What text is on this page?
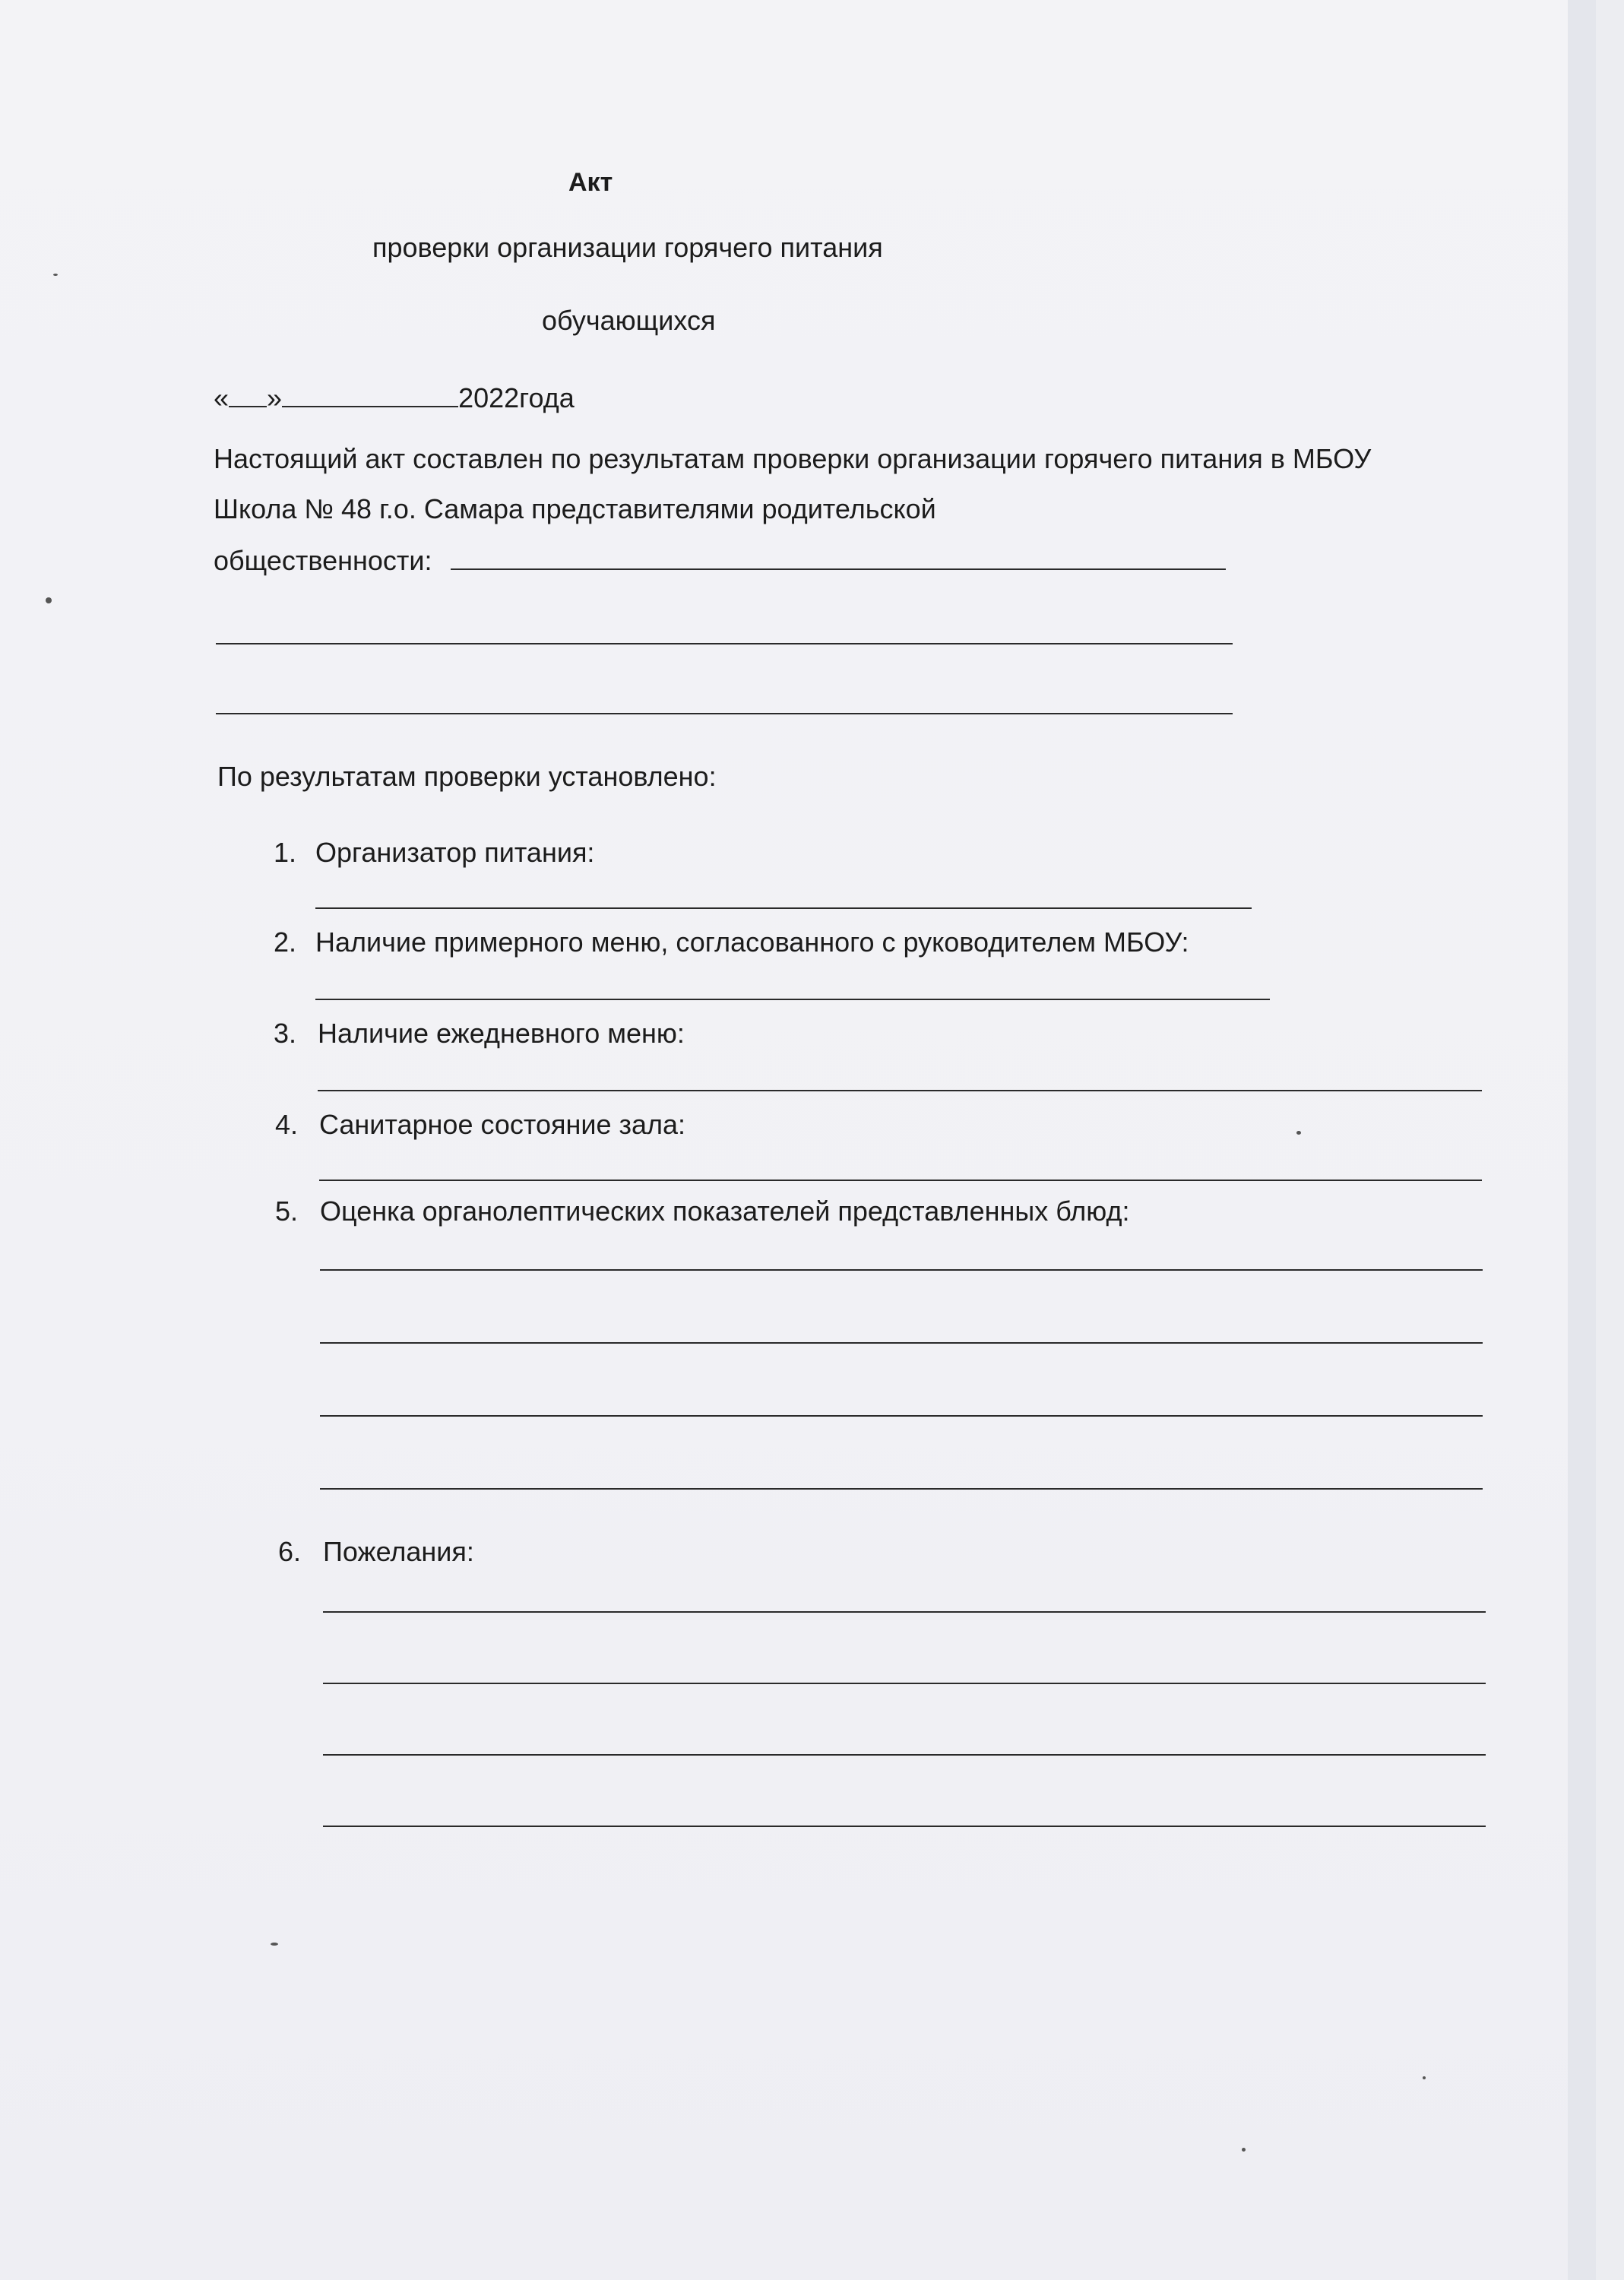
Акт
проверки организации горячего питания
обучающихся
« »	2022года
Настоящий акт составлен по результатам проверки организации горячего питания в МБОУ
Школа № 48 г.о. Самара представителями родительской
общественности:
По результатам проверки установлено:
1. Организатор питания:
2. Наличие примерного меню, согласованного с руководителем МБОУ:
3. Наличие ежедневного меню:
4. Санитарное состояние зала:
5. Оценка органолептических показателей представленных блюд:
6. Пожелания:
